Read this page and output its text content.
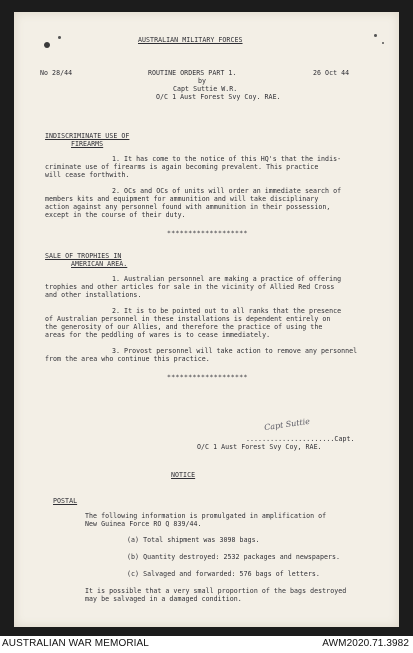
AUSTRALIAN MILITARY FORCES
No 28/44	ROUTINE ORDERS PART 1.	26 Oct 44
by
Capt Suttie W.R.
O/C 1 Aust Forest Svy Coy. RAE.
INDISCRIMINATE USE OF
FIREARMS
1. It has come to the notice of this HQ's that the indis-
criminate use of firearms is again becoming prevalent. This practice
will cease forthwith.
2. OCs and OCs of units will order an immediate search of
members kits and equipment for ammunition and will take disciplinary
action against any personnel found with ammunition in their possession,
except in the course of their duty.
*******************
SALE OF TROPHIES IN
AMERICAN AREA.
1. Australian personnel are making a practice of offering
trophies and other articles for sale in the vicinity of Allied Red Cross
and other installations.
2. It is to be pointed out to all ranks that the presence
of Australian personnel in these installations is dependent entirely on
the generosity of our Allies, and therefore the practice of using the
areas for the peddling of wares is to cease immediately.
3. Provost personnel will take action to remove any personnel
from the area who continue this practice.
*******************
Capt Suttie
......................Capt.
O/C 1 Aust Forest Svy Coy, RAE.
NOTICE
POSTAL
The following information is promulgated in amplification of
New Guinea Force RO Q 839/44.
(a) Total shipment was 3098 bags.
(b) Quantity destroyed: 2532 packages and newspapers.
(c) Salvaged and forwarded: 576 bags of letters.
It is possible that a very small proportion of the bags destroyed
may be salvaged in a damaged condition.
AUSTRALIAN WAR MEMORIAL	AWM2020.71.3982
